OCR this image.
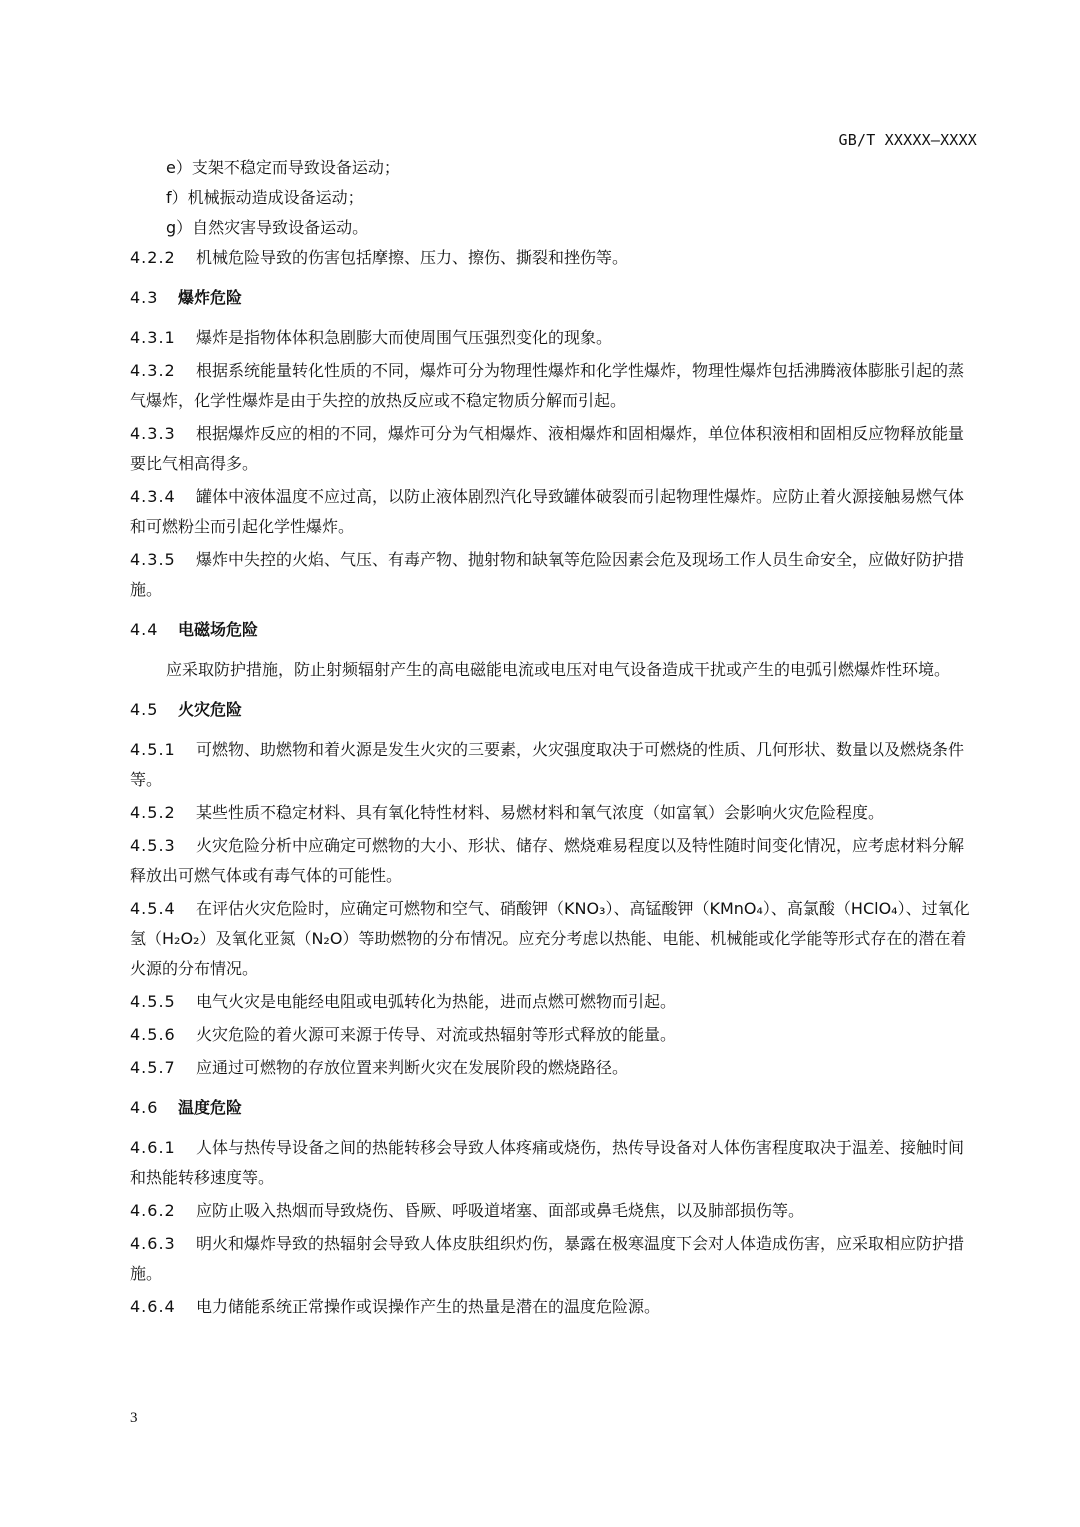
GB/T XXXXX—XXXX
e）支架不稳定而导致设备运动；
f）机械振动造成设备运动；
g）自然灾害导致设备运动。
4.2.2 机械危险导致的伤害包括摩擦、压力、擦伤、撕裂和挫伤等。
4.3 爆炸危险
4.3.1 爆炸是指物体体积急剧膨大而使周围气压强烈变化的现象。
4.3.2 根据系统能量转化性质的不同，爆炸可分为物理性爆炸和化学性爆炸，物理性爆炸包括沸腾液体膨胀引起的蒸气爆炸，化学性爆炸是由于失控的放热反应或不稳定物质分解而引起。
4.3.3 根据爆炸反应的相的不同，爆炸可分为气相爆炸、液相爆炸和固相爆炸，单位体积液相和固相反应物释放能量要比气相高得多。
4.3.4 罐体中液体温度不应过高，以防止液体剧烈汽化导致罐体破裂而引起物理性爆炸。应防止着火源接触易燃气体和可燃粉尘而引起化学性爆炸。
4.3.5 爆炸中失控的火焰、气压、有毒产物、抛射物和缺氧等危险因素会危及现场工作人员生命安全，应做好防护措施。
4.4 电磁场危险
应采取防护措施，防止射频辐射产生的高电磁能电流或电压对电气设备造成干扰或产生的电弧引燃爆炸性环境。
4.5 火灾危险
4.5.1 可燃物、助燃物和着火源是发生火灾的三要素，火灾强度取决于可燃烧的性质、几何形状、数量以及燃烧条件等。
4.5.2 某些性质不稳定材料、具有氧化特性材料、易燃材料和氧气浓度（如富氧）会影响火灾危险程度。
4.5.3 火灾危险分析中应确定可燃物的大小、形状、储存、燃烧难易程度以及特性随时间变化情况，应考虑材料分解释放出可燃气体或有毒气体的可能性。
4.5.4 在评估火灾危险时，应确定可燃物和空气、硝酸钾（KNO₃）、高锰酸钾（KMnO₄）、高氯酸（HClO₄）、过氧化氢（H₂O₂）及氧化亚氮（N₂O）等助燃物的分布情况。应充分考虑以热能、电能、机械能或化学能等形式存在的潜在着火源的分布情况。
4.5.5 电气火灾是电能经电阻或电弧转化为热能，进而点燃可燃物而引起。
4.5.6 火灾危险的着火源可来源于传导、对流或热辐射等形式释放的能量。
4.5.7 应通过可燃物的存放位置来判断火灾在发展阶段的燃烧路径。
4.6 温度危险
4.6.1 人体与热传导设备之间的热能转移会导致人体疼痛或烧伤，热传导设备对人体伤害程度取决于温差、接触时间和热能转移速度等。
4.6.2 应防止吸入热烟而导致烧伤、昏厥、呼吸道堵塞、面部或鼻毛烧焦，以及肺部损伤等。
4.6.3 明火和爆炸导致的热辐射会导致人体皮肤组织灼伤，暴露在极寒温度下会对人体造成伤害，应采取相应防护措施。
4.6.4 电力储能系统正常操作或误操作产生的热量是潜在的温度危险源。
3
